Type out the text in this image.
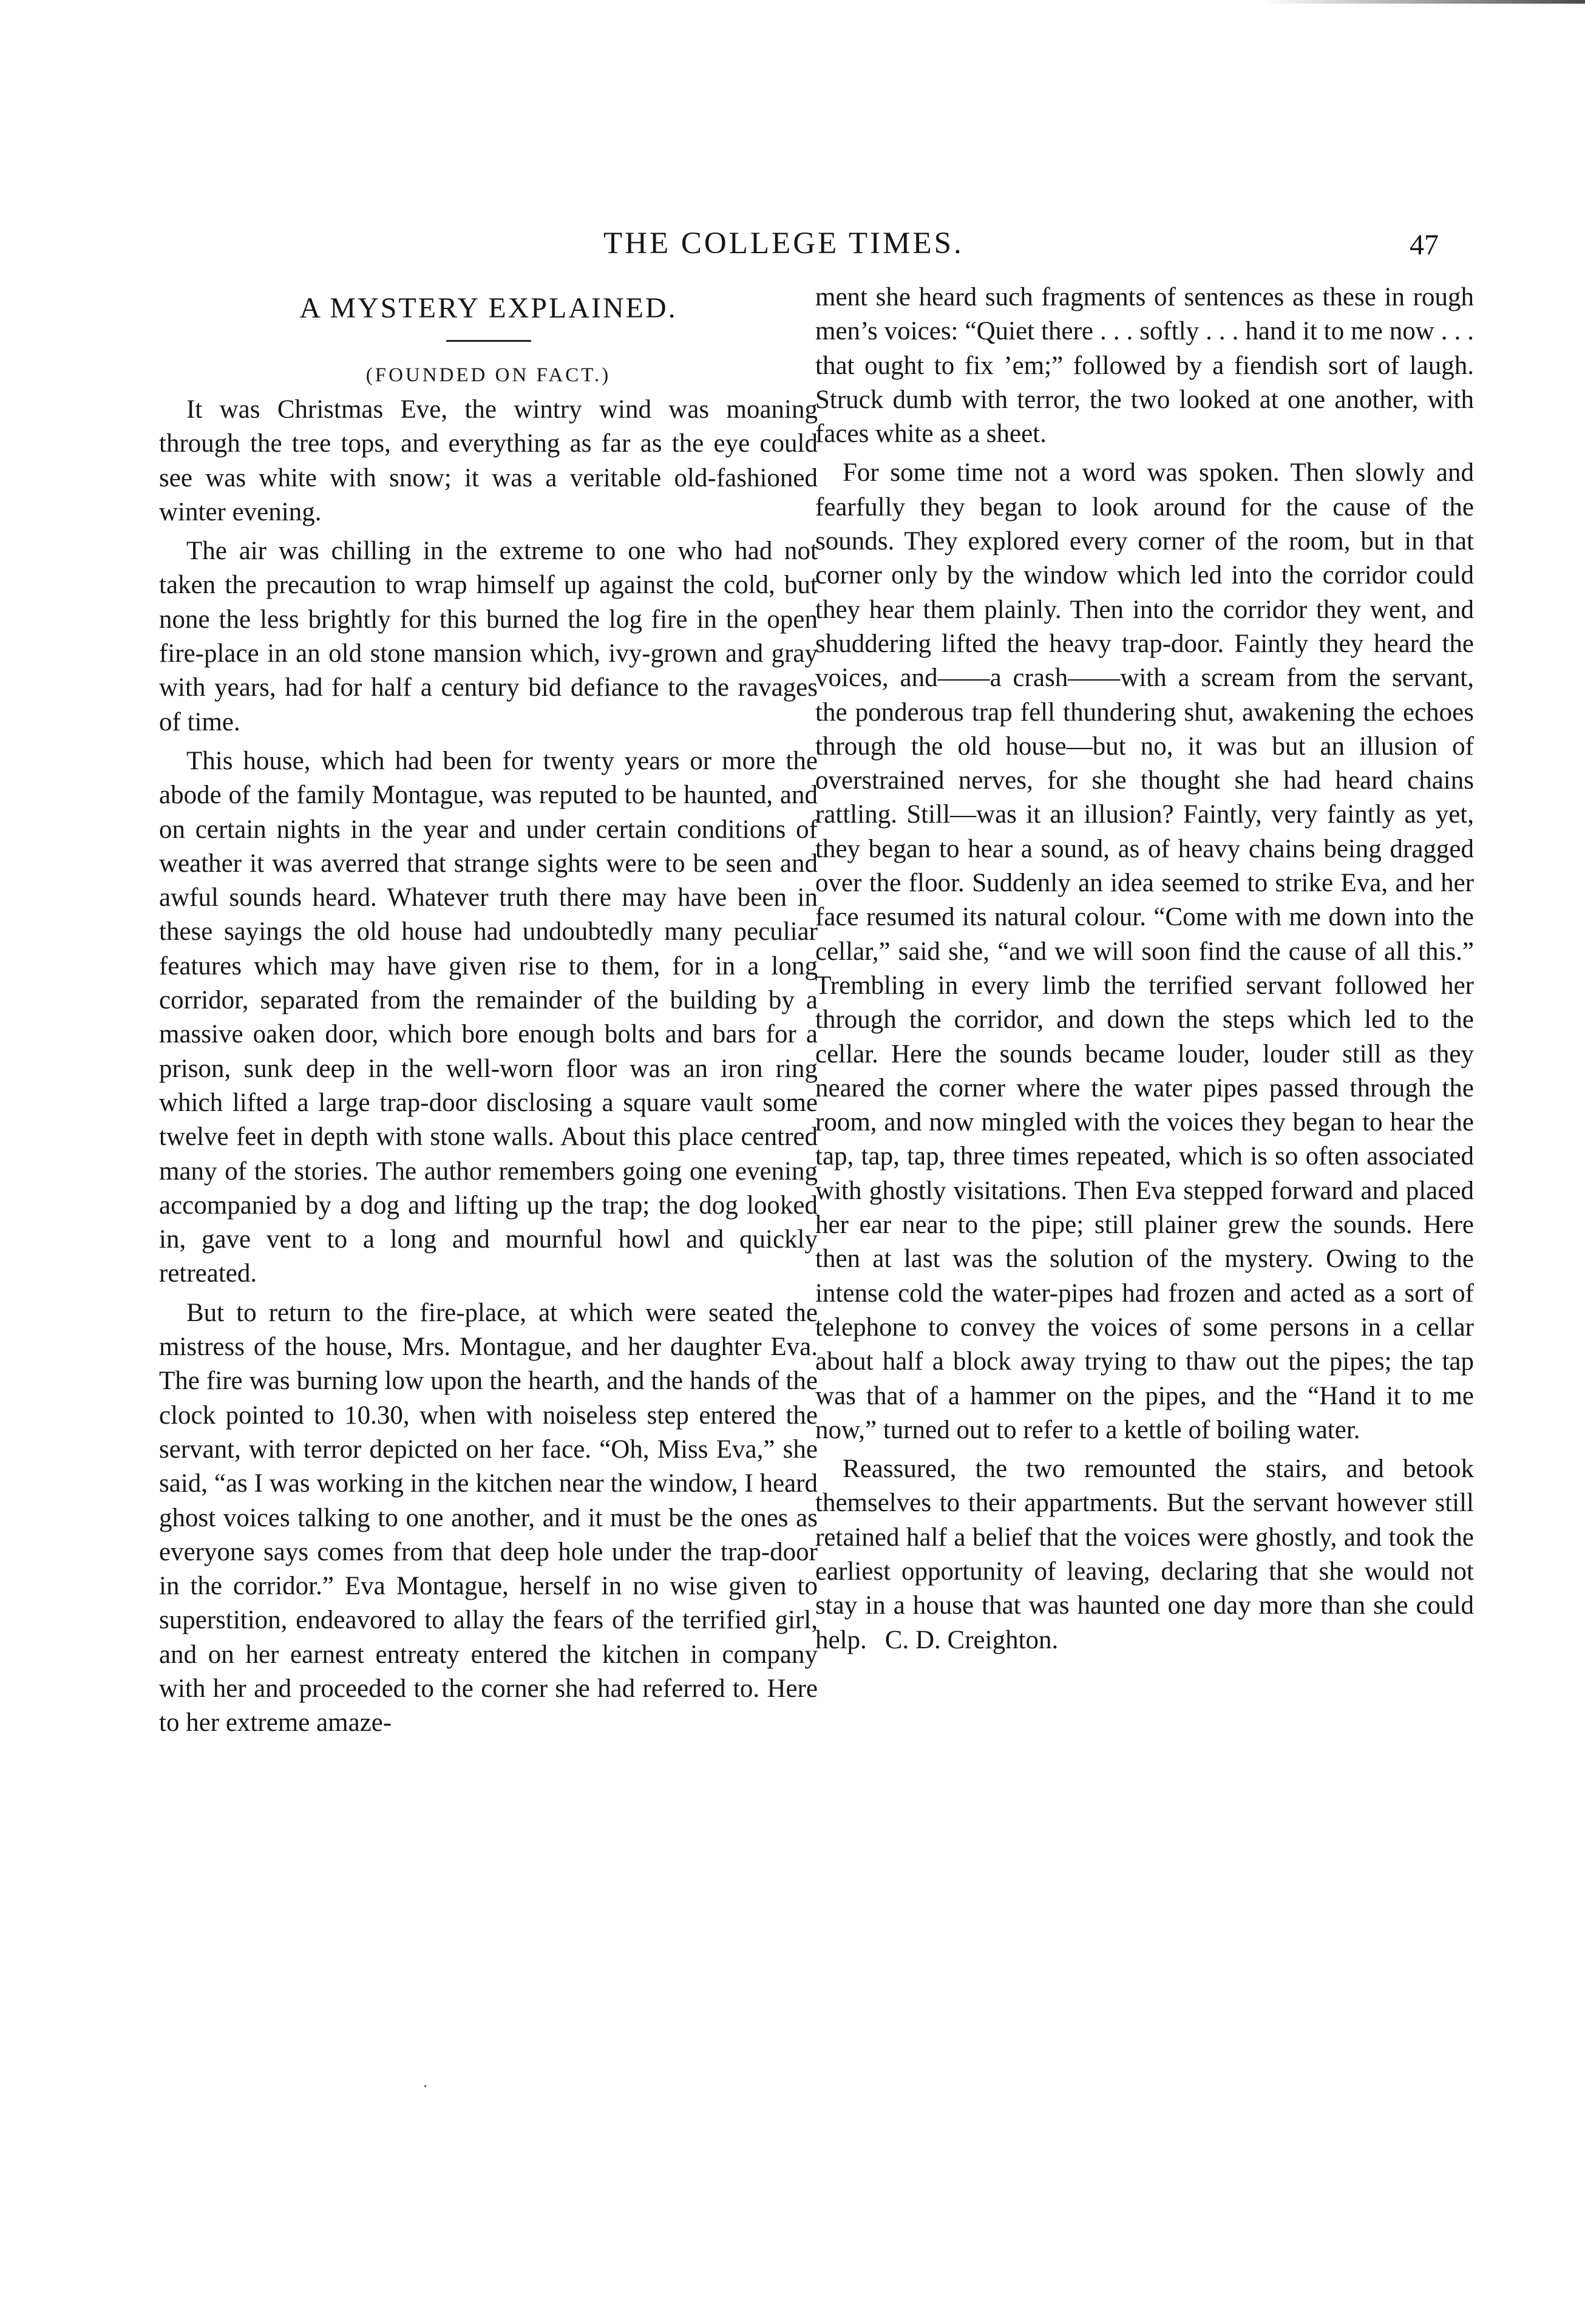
THE COLLEGE TIMES.	47
A MYSTERY EXPLAINED.
(FOUNDED ON FACT.)

It was Christmas Eve, the wintry wind was moaning through the tree tops, and everything as far as the eye could see was white with snow; it was a veritable old-fashioned winter evening.

The air was chilling in the extreme to one who had not taken the precaution to wrap himself up against the cold, but none the less brightly for this burned the log fire in the open fire-place in an old stone mansion which, ivy-grown and gray with years, had for half a century bid defiance to the ravages of time.

This house, which had been for twenty years or more the abode of the family Montague, was reputed to be haunted, and on certain nights in the year and under certain conditions of weather it was averred that strange sights were to be seen and awful sounds heard. Whatever truth there may have been in these sayings the old house had undoubtedly many peculiar features which may have given rise to them, for in a long corridor, separated from the remainder of the building by a massive oaken door, which bore enough bolts and bars for a prison, sunk deep in the well-worn floor was an iron ring which lifted a large trap-door disclosing a square vault some twelve feet in depth with stone walls. About this place centred many of the stories. The author remembers going one evening accompanied by a dog and lifting up the trap; the dog looked in, gave vent to a long and mournful howl and quickly retreated.

But to return to the fire-place, at which were seated the mistress of the house, Mrs. Montague, and her daughter Eva. The fire was burning low upon the hearth, and the hands of the clock pointed to 10.30, when with noiseless step entered the servant, with terror depicted on her face. “Oh, Miss Eva,” she said, “as I was working in the kitchen near the window, I heard ghost voices talking to one another, and it must be the ones as everyone says comes from that deep hole under the trap-door in the corridor.” Eva Montague, herself in no wise given to superstition, endeavored to allay the fears of the terrified girl, and on her earnest entreaty entered the kitchen in company with her and proceeded to the corner she had referred to. Here to her extreme amaze-

ment she heard such fragments of sentences as these in rough men’s voices: “Quiet there . . . softly . . . hand it to me now . . . that ought to fix ’em;” followed by a fiendish sort of laugh. Struck dumb with terror, the two looked at one another, with faces white as a sheet.

For some time not a word was spoken. Then slowly and fearfully they began to look around for the cause of the sounds. They explored every corner of the room, but in that corner only by the window which led into the corridor could they hear them plainly. Then into the corridor they went, and shuddering lifted the heavy trap-door. Faintly they heard the voices, and——a crash——with a scream from the servant, the ponderous trap fell thundering shut, awakening the echoes through the old house—but no, it was but an illusion of overstrained nerves, for she thought she had heard chains rattling. Still—was it an illusion? Faintly, very faintly as yet, they began to hear a sound, as of heavy chains being dragged over the floor. Suddenly an idea seemed to strike Eva, and her face resumed its natural colour. “Come with me down into the cellar,” said she, “and we will soon find the cause of all this.” Trembling in every limb the terrified servant followed her through the corridor, and down the steps which led to the cellar. Here the sounds became louder, louder still as they neared the corner where the water pipes passed through the room, and now mingled with the voices they began to hear the tap, tap, tap, three times repeated, which is so often associated with ghostly visitations. Then Eva stepped forward and placed her ear near to the pipe; still plainer grew the sounds. Here then at last was the solution of the mystery. Owing to the intense cold the water-pipes had frozen and acted as a sort of telephone to convey the voices of some persons in a cellar about half a block away trying to thaw out the pipes; the tap was that of a hammer on the pipes, and the “Hand it to me now,” turned out to refer to a kettle of boiling water.

Reassured, the two remounted the stairs, and betook themselves to their appartments. But the servant however still retained half a belief that the voices were ghostly, and took the earliest opportunity of leaving, declaring that she would not stay in a house that was haunted one day more than she could help. C. D. Creighton.

·
